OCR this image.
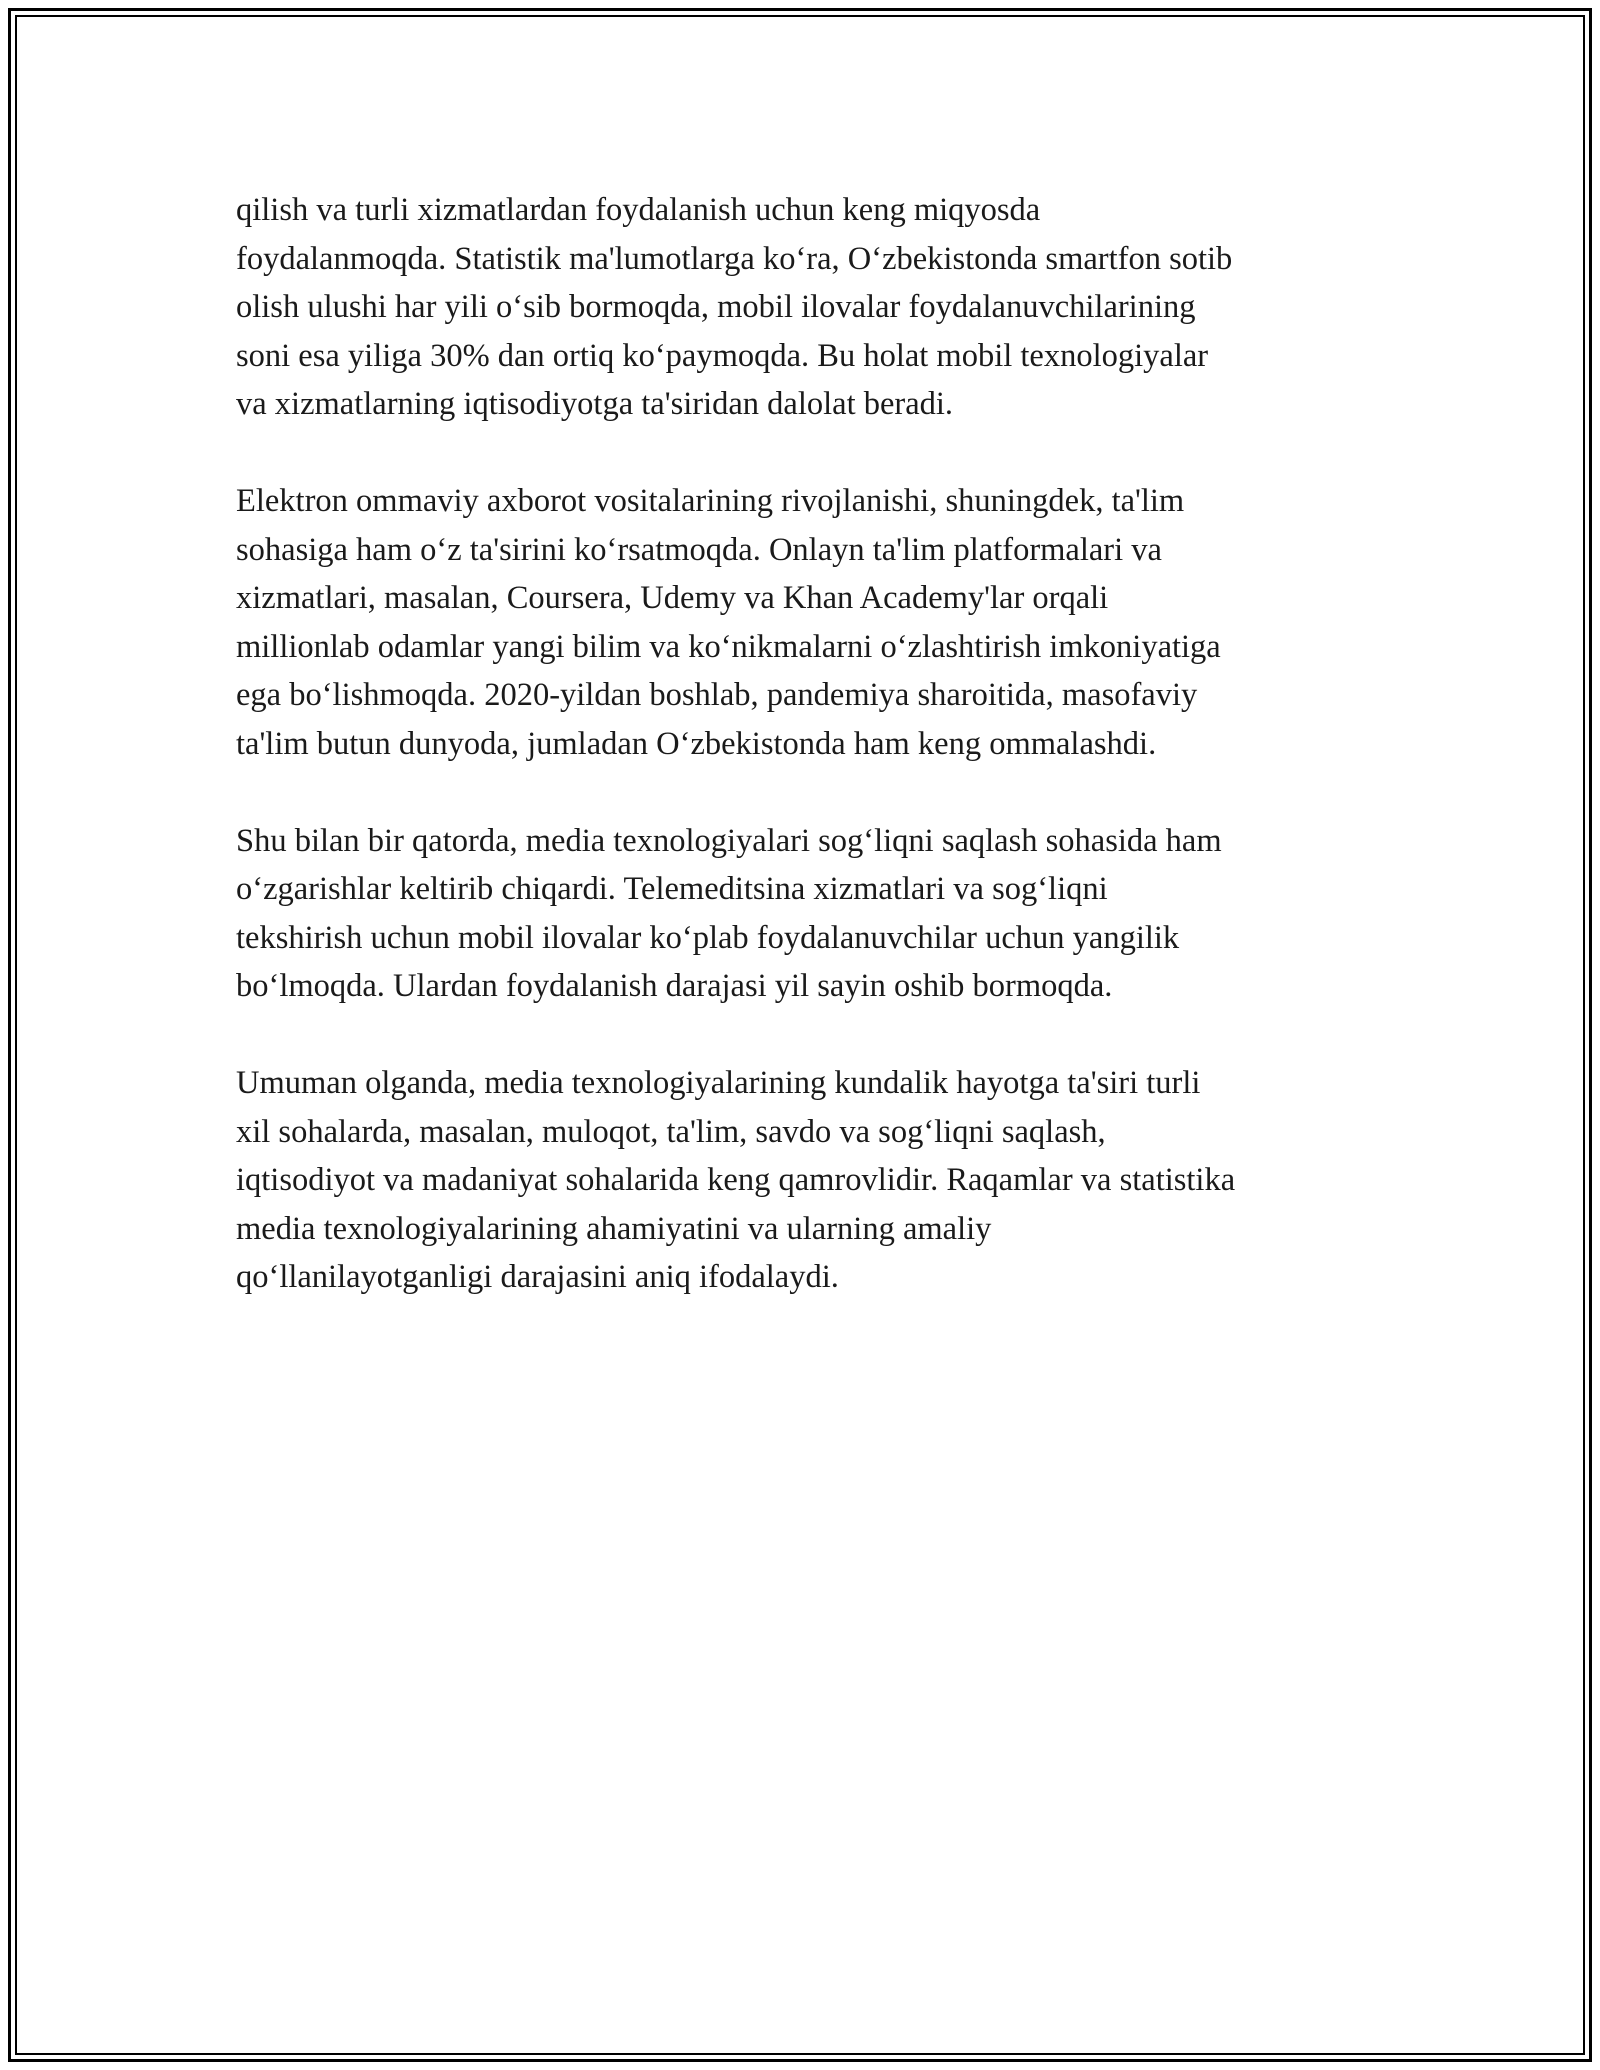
qilish va turli xizmatlardan foydalanish uchun keng miqyosda
foydalanmoqda. Statistik ma'lumotlarga koʻra, Oʻzbekistonda smartfon sotib
olish ulushi har yili oʻsib bormoqda, mobil ilovalar foydalanuvchilarining
soni esa yiliga 30% dan ortiq koʻpaymoqda. Bu holat mobil texnologiyalar
va xizmatlarning iqtisodiyotga ta'siridan dalolat beradi.

Elektron ommaviy axborot vositalarining rivojlanishi, shuningdek, ta'lim
sohasiga ham oʻz ta'sirini koʻrsatmoqda. Onlayn ta'lim platformalari va
xizmatlari, masalan, Coursera, Udemy va Khan Academy'lar orqali
millionlab odamlar yangi bilim va koʻnikmalarni oʻzlashtirish imkoniyatiga
ega boʻlishmoqda. 2020-yildan boshlab, pandemiya sharoitida, masofaviy
ta'lim butun dunyoda, jumladan Oʻzbekistonda ham keng ommalashdi.

Shu bilan bir qatorda, media texnologiyalari sogʻliqni saqlash sohasida ham
oʻzgarishlar keltirib chiqardi. Telemeditsina xizmatlari va sogʻliqni
tekshirish uchun mobil ilovalar koʻplab foydalanuvchilar uchun yangilik
boʻlmoqda. Ulardan foydalanish darajasi yil sayin oshib bormoqda.

Umuman olganda, media texnologiyalarining kundalik hayotga ta'siri turli
xil sohalarda, masalan, muloqot, ta'lim, savdo va sogʻliqni saqlash,
iqtisodiyot va madaniyat sohalarida keng qamrovlidir. Raqamlar va statistika
media texnologiyalarining ahamiyatini va ularning amaliy
qoʻllanilayotganligi darajasini aniq ifodalaydi.
